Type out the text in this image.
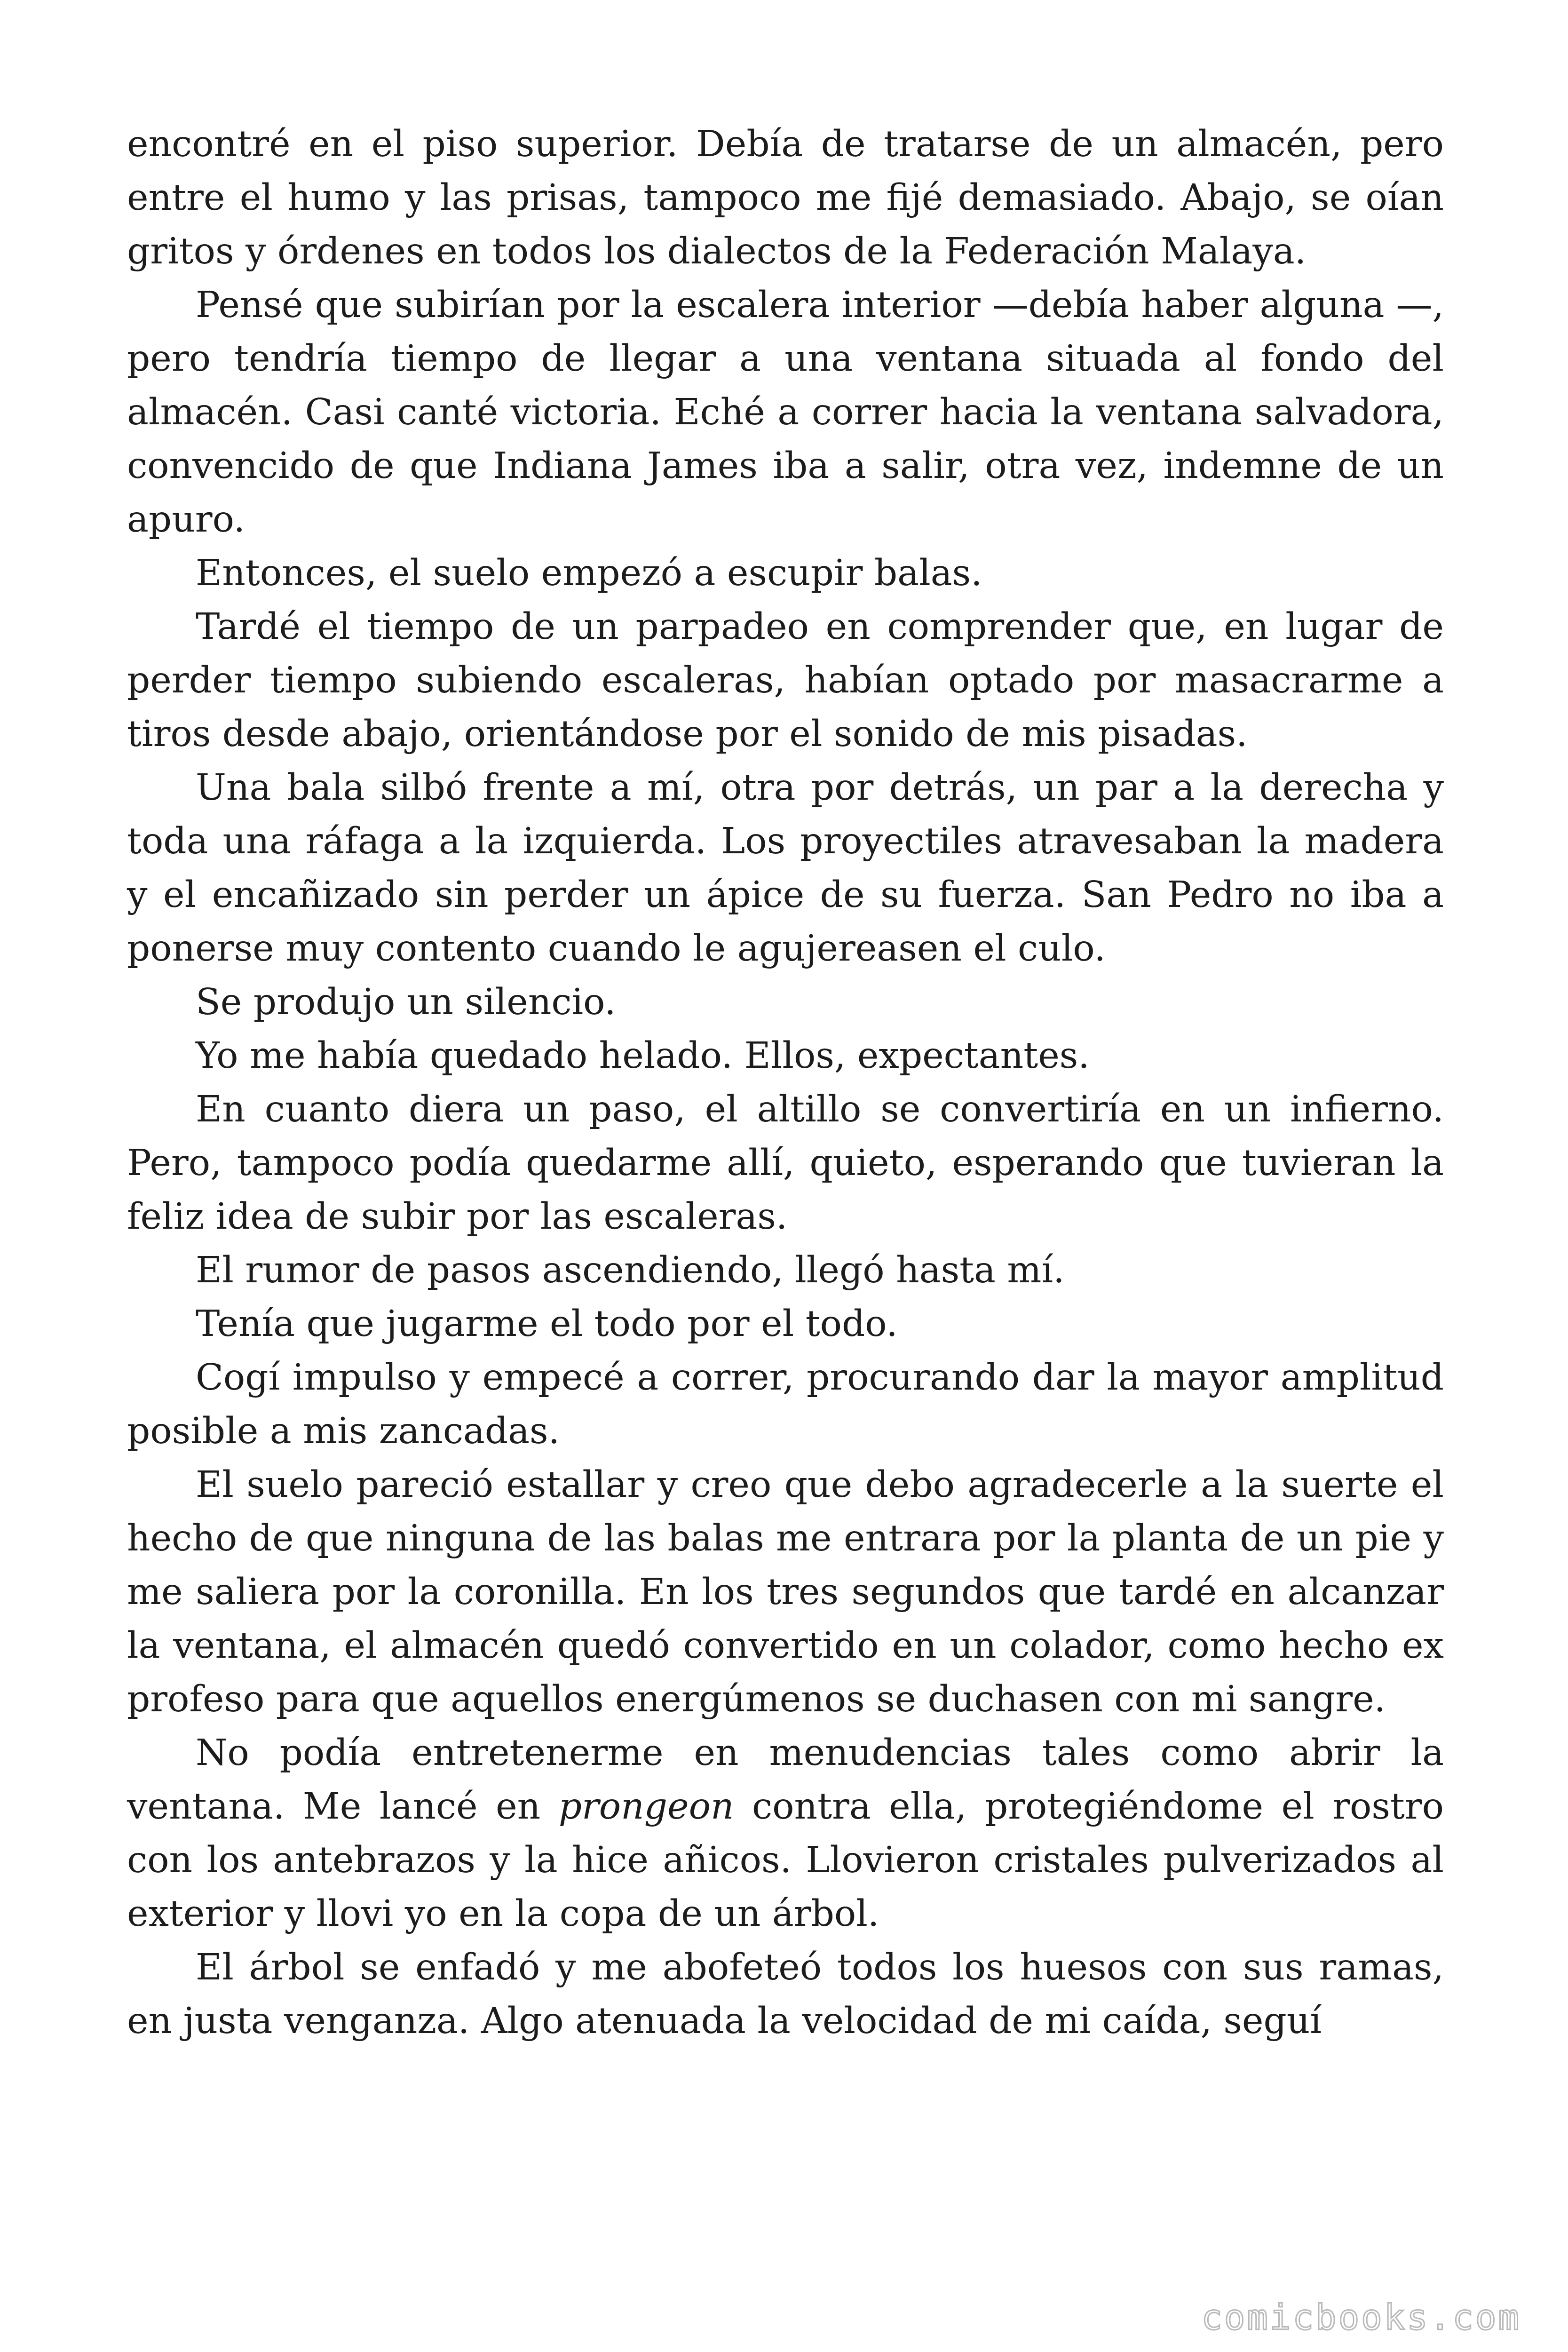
encontré en el piso superior. Debía de tratarse de un almacén, pero entre el humo y las prisas, tampoco me fijé demasiado. Abajo, se oían gritos y órdenes en todos los dialectos de la Federación Malaya.

Pensé que subirían por la escalera interior —debía haber alguna —, pero tendría tiempo de llegar a una ventana situada al fondo del almacén. Casi canté victoria. Eché a correr hacia la ventana salvadora, convencido de que Indiana James iba a salir, otra vez, indemne de un apuro.

Entonces, el suelo empezó a escupir balas.

Tardé el tiempo de un parpadeo en comprender que, en lugar de perder tiempo subiendo escaleras, habían optado por masacrarme a tiros desde abajo, orientándose por el sonido de mis pisadas.

Una bala silbó frente a mí, otra por detrás, un par a la derecha y toda una ráfaga a la izquierda. Los proyectiles atravesaban la madera y el encañizado sin perder un ápice de su fuerza. San Pedro no iba a ponerse muy contento cuando le agujereasen el culo.

Se produjo un silencio.

Yo me había quedado helado. Ellos, expectantes.

En cuanto diera un paso, el altillo se convertiría en un infierno. Pero, tampoco podía quedarme allí, quieto, esperando que tuvieran la feliz idea de subir por las escaleras.

El rumor de pasos ascendiendo, llegó hasta mí.

Tenía que jugarme el todo por el todo.

Cogí impulso y empecé a correr, procurando dar la mayor amplitud posible a mis zancadas.

El suelo pareció estallar y creo que debo agradecerle a la suerte el hecho de que ninguna de las balas me entrara por la planta de un pie y me saliera por la coronilla. En los tres segundos que tardé en alcanzar la ventana, el almacén quedó convertido en un colador, como hecho ex profeso para que aquellos energúmenos se duchasen con mi sangre.

No podía entretenerme en menudencias tales como abrir la ventana. Me lancé en prongeon contra ella, protegiéndome el rostro con los antebrazos y la hice añicos. Llovieron cristales pulverizados al exterior y llovi yo en la copa de un árbol.

El árbol se enfadó y me abofeteó todos los huesos con sus ramas, en justa venganza. Algo atenuada la velocidad de mi caída, seguí

comicbooks.com
